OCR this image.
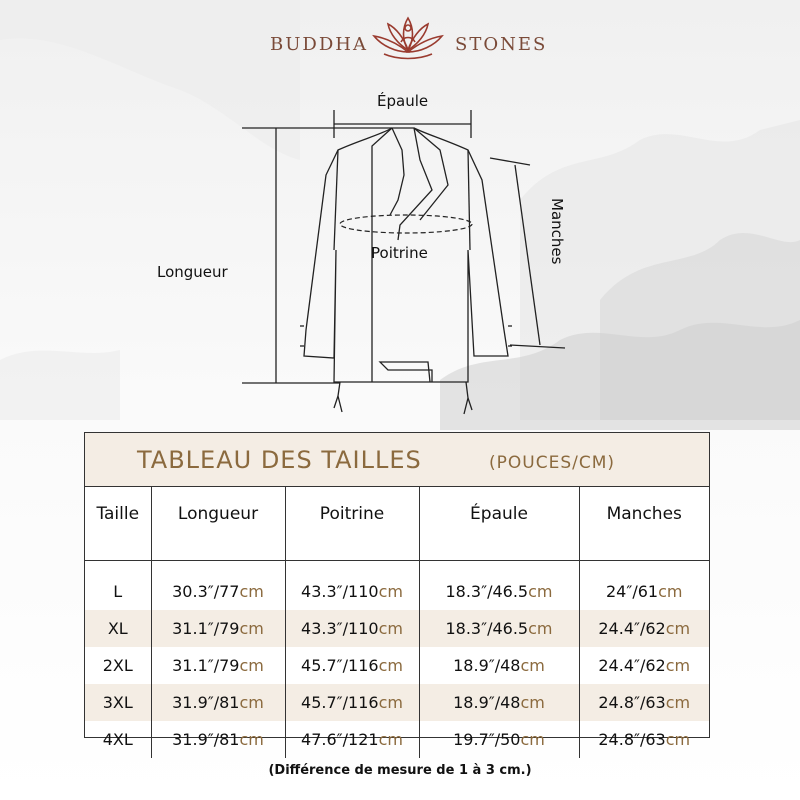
BUDDHA	STONES
Épaule
Longueur
Poitrine	Manches
TABLEAU DES TAILLES	(POUCES/CM)
Taille	Longueur	Poitrine	Épaule	Manches

L	30.3″/77cm	43.3″/110cm	18.3″/46.5cm	24″/61cm
XL	31.1″/79cm	43.3″/110cm	18.3″/46.5cm	24.4″/62cm
2XL	31.1″/79cm	45.7″/116cm	18.9″/48cm	24.4″/62cm
3XL	31.9″/81cm	45.7″/116cm	18.9″/48cm	24.8″/63cm
4XL	31.9″/81cm	47.6″/121cm	19.7″/50cm	24.8″/63cm
(Différence de mesure de 1 à 3 cm.)
